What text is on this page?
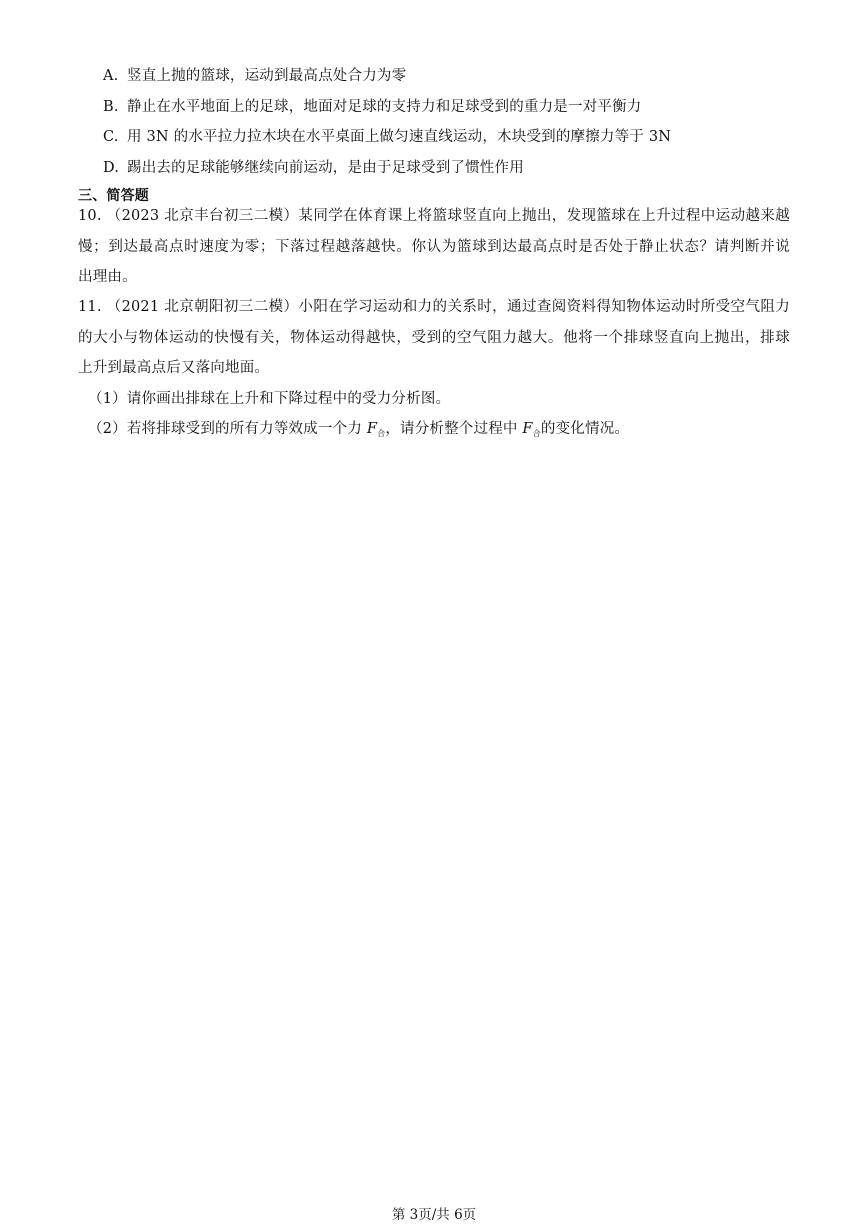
A. 竖直上抛的篮球，运动到最高点处合力为零
B. 静止在水平地面上的足球，地面对足球的支持力和足球受到的重力是一对平衡力
C. 用 3N 的水平拉力拉木块在水平桌面上做匀速直线运动，木块受到的摩擦力等于 3N
D. 踢出去的足球能够继续向前运动，是由于足球受到了惯性作用
三、简答题
10. （2023 北京丰台初三二模）某同学在体育课上将篮球竖直向上抛出，发现篮球在上升过程中运动越来越
慢；到达最高点时速度为零；下落过程越落越快。你认为篮球到达最高点时是否处于静止状态？请判断并说
出理由。
11. （2021 北京朝阳初三二模）小阳在学习运动和力的关系时，通过查阅资料得知物体运动时所受空气阻力
的大小与物体运动的快慢有关，物体运动得越快，受到的空气阻力越大。他将一个排球竖直向上抛出，排球
上升到最高点后又落向地面。
（1）请你画出排球在上升和下降过程中的受力分析图。
（2）若将排球受到的所有力等效成一个力 $F_合$，请分析整个过程中 $F_合$的变化情况。
第 3页/共 6页
